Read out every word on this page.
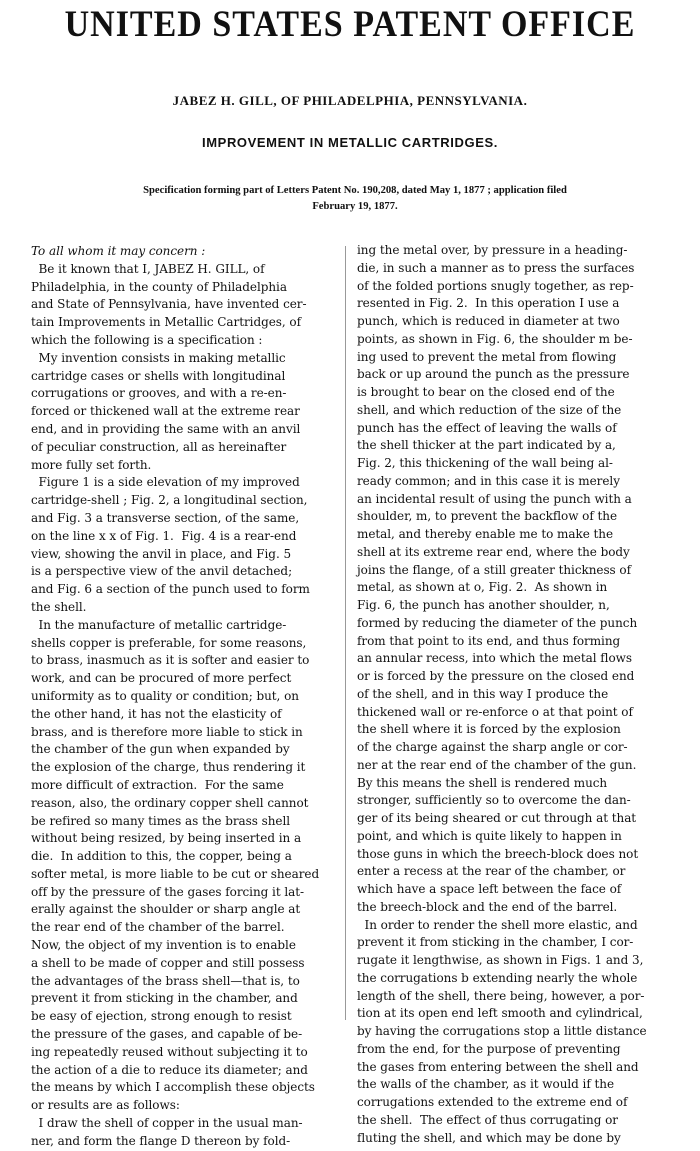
UNITED STATES PATENT OFFICE
JABEZ H. GILL, OF PHILADELPHIA, PENNSYLVANIA.
IMPROVEMENT IN METALLIC CARTRIDGES.
Specification forming part of Letters Patent No. 190,208, dated May 1, 1877 ; application filed
February 19, 1877.
To all whom it may concern :
Be it known that I, JABEZ H. GILL, of
Philadelphia, in the county of Philadelphia
and State of Pennsylvania, have invented cer-
tain Improvements in Metallic Cartridges, of
which the following is a specification :
My invention consists in making metallic
cartridge cases or shells with longitudinal
corrugations or grooves, and with a re-en-
forced or thickened wall at the extreme rear
end, and in providing the same with an anvil
of peculiar construction, all as hereinafter
more fully set forth.
Figure 1 is a side elevation of my improved
cartridge-shell ; Fig. 2, a longitudinal section,
and Fig. 3 a transverse section, of the same,
on the line x x of Fig. 1.  Fig. 4 is a rear-end
view, showing the anvil in place, and Fig. 5
is a perspective view of the anvil detached;
and Fig. 6 a section of the punch used to form
the shell.
In the manufacture of metallic cartridge-
shells copper is preferable, for some reasons,
to brass, inasmuch as it is softer and easier to
work, and can be procured of more perfect
uniformity as to quality or condition; but, on
the other hand, it has not the elasticity of
brass, and is therefore more liable to stick in
the chamber of the gun when expanded by
the explosion of the charge, thus rendering it
more difficult of extraction.  For the same
reason, also, the ordinary copper shell cannot
be refired so many times as the brass shell
without being resized, by being inserted in a
die.  In addition to this, the copper, being a
softer metal, is more liable to be cut or sheared
off by the pressure of the gases forcing it lat-
erally against the shoulder or sharp angle at
the rear end of the chamber of the barrel.
Now, the object of my invention is to enable
a shell to be made of copper and still possess
the advantages of the brass shell—that is, to
prevent it from sticking in the chamber, and
be easy of ejection, strong enough to resist
the pressure of the gases, and capable of be-
ing repeatedly reused without subjecting it to
the action of a die to reduce its diameter; and
the means by which I accomplish these objects
or results are as follows:
I draw the shell of copper in the usual man-
ner, and form the flange D thereon by fold-
ing the metal over, by pressure in a heading-
die, in such a manner as to press the surfaces
of the folded portions snugly together, as rep-
resented in Fig. 2.  In this operation I use a
punch, which is reduced in diameter at two
points, as shown in Fig. 6, the shoulder m be-
ing used to prevent the metal from flowing
back or up around the punch as the pressure
is brought to bear on the closed end of the
shell, and which reduction of the size of the
punch has the effect of leaving the walls of
the shell thicker at the part indicated by a,
Fig. 2, this thickening of the wall being al-
ready common; and in this case it is merely
an incidental result of using the punch with a
shoulder, m, to prevent the backflow of the
metal, and thereby enable me to make the
shell at its extreme rear end, where the body
joins the flange, of a still greater thickness of
metal, as shown at o, Fig. 2.  As shown in
Fig. 6, the punch has another shoulder, n,
formed by reducing the diameter of the punch
from that point to its end, and thus forming
an annular recess, into which the metal flows
or is forced by the pressure on the closed end
of the shell, and in this way I produce the
thickened wall or re-enforce o at that point of
the shell where it is forced by the explosion
of the charge against the sharp angle or cor-
ner at the rear end of the chamber of the gun.
By this means the shell is rendered much
stronger, sufficiently so to overcome the dan-
ger of its being sheared or cut through at that
point, and which is quite likely to happen in
those guns in which the breech-block does not
enter a recess at the rear of the chamber, or
which have a space left between the face of
the breech-block and the end of the barrel.
In order to render the shell more elastic, and
prevent it from sticking in the chamber, I cor-
rugate it lengthwise, as shown in Figs. 1 and 3,
the corrugations b extending nearly the whole
length of the shell, there being, however, a por-
tion at its open end left smooth and cylindrical,
by having the corrugations stop a little distance
from the end, for the purpose of preventing
the gases from entering between the shell and
the walls of the chamber, as it would if the
corrugations extended to the extreme end of
the shell.  The effect of thus corrugating or
fluting the shell, and which may be done by
